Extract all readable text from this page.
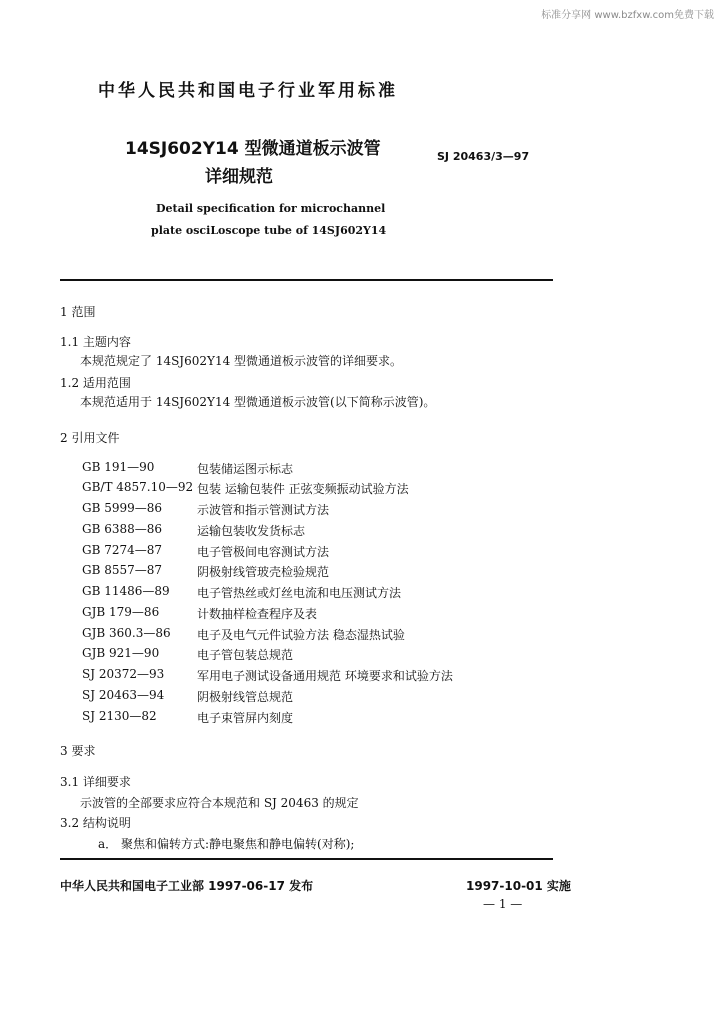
标准分享网 www.bzfxw.com免费下载
中华人民共和国电子行业军用标准
14SJ602Y14 型微通道板示波管
详细规范
SJ 20463/3—97
Detail specification for microchannel
plate osciLoscope tube of 14SJ602Y14
1 范围
1.1 主题内容
本规范规定了 14SJ602Y14 型微通道板示波管的详细要求。
1.2 适用范围
本规范适用于 14SJ602Y14 型微通道板示波管(以下简称示波管)。
2 引用文件
GB 191—90	包装储运图示标志
GB/T 4857.10—92 包装 运输包装件 正弦变频振动试验方法
GB 5999—86	示波管和指示管测试方法
GB 6388—86	运输包装收发货标志
GB 7274—87	电子管极间电容测试方法
GB 8557—87	阴极射线管玻壳检验规范
GB 11486—89 电子管热丝或灯丝电流和电压测试方法
GJB 179—86	计数抽样检查程序及表
GJB 360.3—86 电子及电气元件试验方法 稳态湿热试验
GJB 921—90	电子管包装总规范
SJ 20372—93	军用电子测试设备通用规范 环境要求和试验方法
SJ 20463—94	阴极射线管总规范
SJ 2130—82	电子束管屏内刻度
3 要求
3.1 详细要求
示波管的全部要求应符合本规范和 SJ 20463 的规定
3.2 结构说明
a． 聚焦和偏转方式:静电聚焦和静电偏转(对称);
中华人民共和国电子工业部 1997-06-17 发布	1997-10-01 实施
— 1 —
